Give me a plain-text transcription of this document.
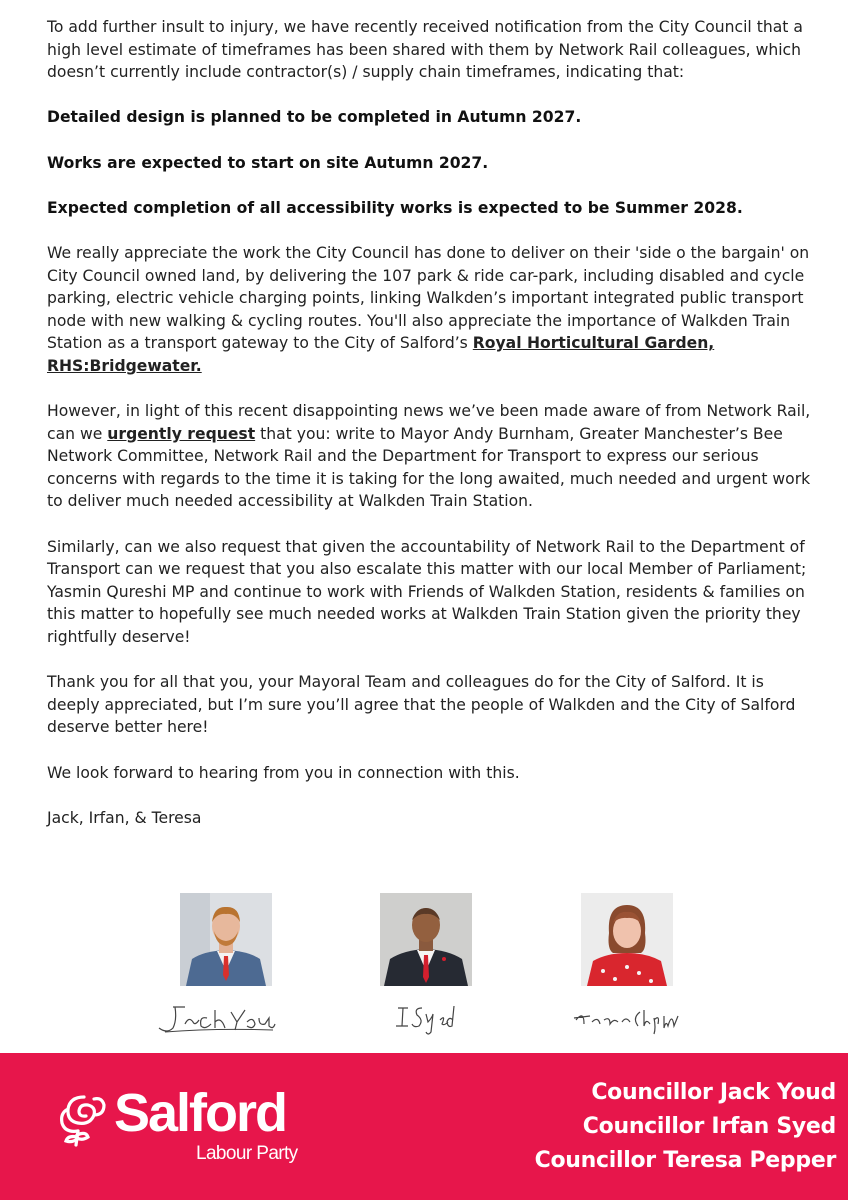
To add further insult to injury, we have recently received notification from the City Council that a high level estimate of timeframes has been shared with them by Network Rail colleagues, which doesn’t currently include contractor(s) / supply chain timeframes, indicating that:

Detailed design is planned to be completed in Autumn 2027.

Works are expected to start on site Autumn 2027.

Expected completion of all accessibility works is expected to be Summer 2028.

We really appreciate the work the City Council has done to deliver on their 'side o the bargain' on City Council owned land, by delivering the 107 park & ride car-park, including disabled and cycle parking, electric vehicle charging points, linking Walkden’s important integrated public transport node with new walking & cycling routes. You'll also appreciate the importance of Walkden Train Station as a transport gateway to the City of Salford’s Royal Horticultural Garden, RHS:Bridgewater.

However, in light of this recent disappointing news we’ve been made aware of from Network Rail, can we urgently request that you: write to Mayor Andy Burnham, Greater Manchester’s Bee Network Committee, Network Rail and the Department for Transport to express our serious concerns with regards to the time it is taking for the long awaited, much needed and urgent work to deliver much needed accessibility at Walkden Train Station.

Similarly, can we also request that given the accountability of Network Rail to the Department of Transport can we request that you also escalate this matter with our local Member of Parliament; Yasmin Qureshi MP and continue to work with Friends of Walkden Station, residents & families on this matter to hopefully see much needed works at Walkden Train Station given the priority they rightfully deserve!

Thank you for all that you, your Mayoral Team and colleagues do for the City of Salford. It is deeply appreciated, but I’m sure you’ll agree that the people of Walkden and the City of Salford deserve better here!

We look forward to hearing from you in connection with this.

Jack, Irfan, & Teresa

Salford
Labour Party
Councillor Jack Youd
Councillor Irfan Syed
Councillor Teresa Pepper
